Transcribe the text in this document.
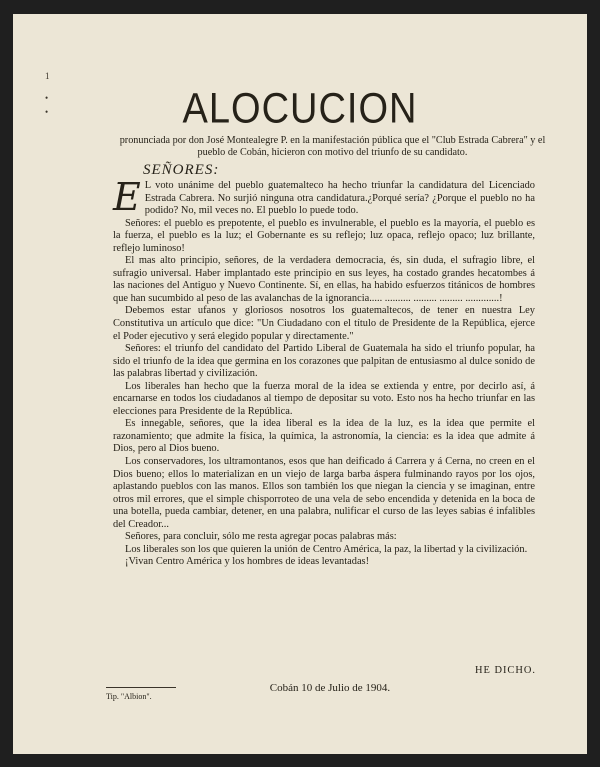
1
•
•	ALOCUCION
pronunciada por don José Montealegre P. en la manifestación pública que el "Club Estrada Cabrera" y el pueblo de Cobán, hicieron con motivo del triunfo de su candidato.
SEÑORES:

E L voto unánime del pueblo guatemalteco ha hecho triunfar la candidatura del Licenciado Estrada Cabrera. No surjió ninguna otra candidatura.¿Porqué sería? ¿Porque el pueblo no ha podido? No, mil veces no. El pueblo lo puede todo.

Señores: el pueblo es prepotente, el pueblo es invulnerable, el pueblo es la mayoría, el pueblo es la fuerza, el pueblo es la luz; el Gobernante es su reflejo; luz opaca, reflejo opaco; luz brillante, reflejo luminoso!

El mas alto principio, señores, de la verdadera democracia, és, sin duda, el sufragio libre, el sufragio universal. Haber implantado este principio en sus leyes, ha costado grandes hecatombes á las naciones del Antiguo y Nuevo Continente. Sí, en ellas, ha habido esfuerzos titánicos de hombres que han sucumbido al peso de las avalanchas de la ignorancia..... .......... ......... ......... .............!

Debemos estar ufanos y gloriosos nosotros los guatemaltecos, de tener en nuestra Ley Constitutiva un artículo que dice: "Un Ciudadano con el título de Presidente de la República, ejerce el Poder ejecutivo y será elegido popular y directamente."

Señores: el triunfo del candidato del Partido Liberal de Guatemala ha sido el triunfo popular, ha sido el triunfo de la idea que germina en los corazones que palpitan de entusiasmo al dulce sonido de las palabras libertad y civilización.

Los liberales han hecho que la fuerza moral de la idea se extienda y entre, por decirlo así, á encarnarse en todos los ciudadanos al tiempo de depositar su voto. Esto nos ha hecho triunfar en las elecciones para Presidente de la República.

Es innegable, señores, que la idea liberal es la idea de la luz, es la idea que permite el razonamiento; que admite la física, la química, la astronomía, la ciencia: es la idea que admite á Dios, pero al Dios bueno.

Los conservadores, los ultramontanos, esos que han deificado á Carrera y á Cerna, no creen en el Dios bueno; ellos lo materializan en un viejo de larga barba áspera fulminando rayos por los ojos, aplastando pueblos con las manos. Ellos son también los que niegan la ciencia y se imaginan, entre otros mil errores, que el simple chisporroteo de una vela de sebo encendida y detenida en la boca de una botella, pueda cambiar, detener, en una palabra, nulificar el curso de las leyes sabias é infalibles del Creador...

Señores, para concluir, sólo me resta agregar pocas palabras más:

Los liberales son los que quieren la unión de Centro América, la paz, la libertad y la civilización.

¡Vivan Centro América y los hombres de ideas levantadas!

HE DICHO.
Cobán 10 de Julio de 1904.
Tip. "Albion".
